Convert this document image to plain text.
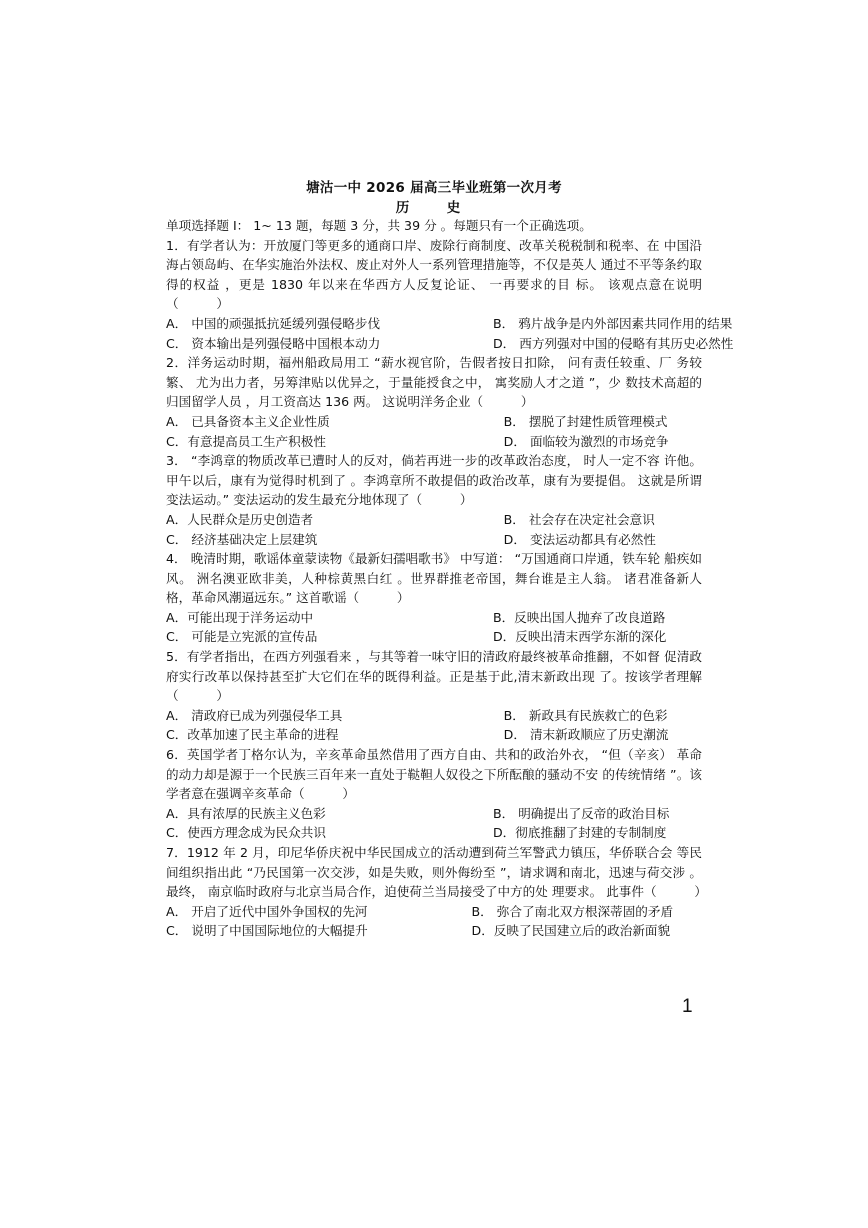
塘沽一中 2026 届高三毕业班第一次月考
历　史
单项选择题 Ⅰ： 1~ 13 题，每题 3 分，共 39 分 。每题只有一个正确选项。
1．有学者认为：开放厦门等更多的通商口岸、废除行商制度、改革关税税制和税率、在 中国沿海占领岛屿、在华实施治外法权、废止对外人一系列管理措施等，不仅是英人 通过不平等条约取得的权益 ，更是 1830 年以来在华西方人反复论证、 一再要求的目 标。 该观点意在说明（　　　）
A． 中国的顽强抵抗延缓列强侵略步伐	B． 鸦片战争是内外部因素共同作用的结果
C． 资本输出是列强侵略中国根本动力	D． 西方列强对中国的侵略有其历史必然性
2．洋务运动时期，福州船政局用工 “薪水视官阶，告假者按日扣除， 问有责任较重、厂 务较繁、 尤为出力者，另筹津贴以优异之，于量能授食之中， 寓奖励人才之道 ”，少 数技术高超的归国留学人员 ，月工资高达 136 两。 这说明洋务企业（　　　）
A． 已具备资本主义企业性质	B． 摆脱了封建性质管理模式
C．有意提高员工生产积极性	D． 面临较为激烈的市场竞争
3． “李鸿章的物质改革已遭时人的反对，倘若再进一步的改革政治态度， 时人一定不容 许他。 甲午以后，康有为觉得时机到了 。李鸿章所不敢提倡的政治改革，康有为要提倡。 这就是所谓变法运动。” 变法运动的发生最充分地体现了（　　　）
A．人民群众是历史创造者	B． 社会存在决定社会意识
C． 经济基础决定上层建筑	D． 变法运动都具有必然性
4． 晚清时期，歌谣体童蒙读物《最新妇孺唱歌书》 中写道： “万国通商口岸通，铁车轮 船疾如风。 洲名澳亚欧非美，人种棕黄黑白红 。世界群推老帝国，舞台谁是主人翁。 诸君准备新人格，革命风潮逼远东。” 这首歌谣（　　　）
A．可能出现于洋务运动中	B．反映出国人抛弃了改良道路
C． 可能是立宪派的宣传品	D．反映出清末西学东渐的深化
5．有学者指出，在西方列强看来 ，与其等着一味守旧的清政府最终被革命推翻，不如督 促清政府实行改革以保持甚至扩大它们在华的既得利益。正是基于此,清末新政出现 了。按该学者理解（　　　）
A． 清政府已成为列强侵华工具	B． 新政具有民族救亡的色彩
C．改革加速了民主革命的进程	D． 清末新政顺应了历史潮流
6．英国学者丁格尔认为，辛亥革命虽然借用了西方自由、共和的政治外衣， “但（辛亥） 革命的动力却是源于一个民族三百年来一直处于鞑靼人奴役之下所酝酿的骚动不安 的传统情绪 ”。该学者意在强调辛亥革命（　　　）
A．具有浓厚的民族主义色彩	B． 明确提出了反帝的政治目标
C．使西方理念成为民众共识	D．彻底推翻了封建的专制制度
7．1912 年 2 月，印尼华侨庆祝中华民国成立的活动遭到荷兰军警武力镇压，华侨联合会 等民间组织指出此 “乃民国第一次交涉，如是失败，则外侮纷至 ”，请求调和南北，迅速与荷交涉 。最终， 南京临时政府与北京当局合作，迫使荷兰当局接受了中方的处 理要求。 此事件（　　　）
A． 开启了近代中国外争国权的先河	B． 弥合了南北双方根深蒂固的矛盾
C． 说明了中国国际地位的大幅提升	D．反映了民国建立后的政治新面貌
1
